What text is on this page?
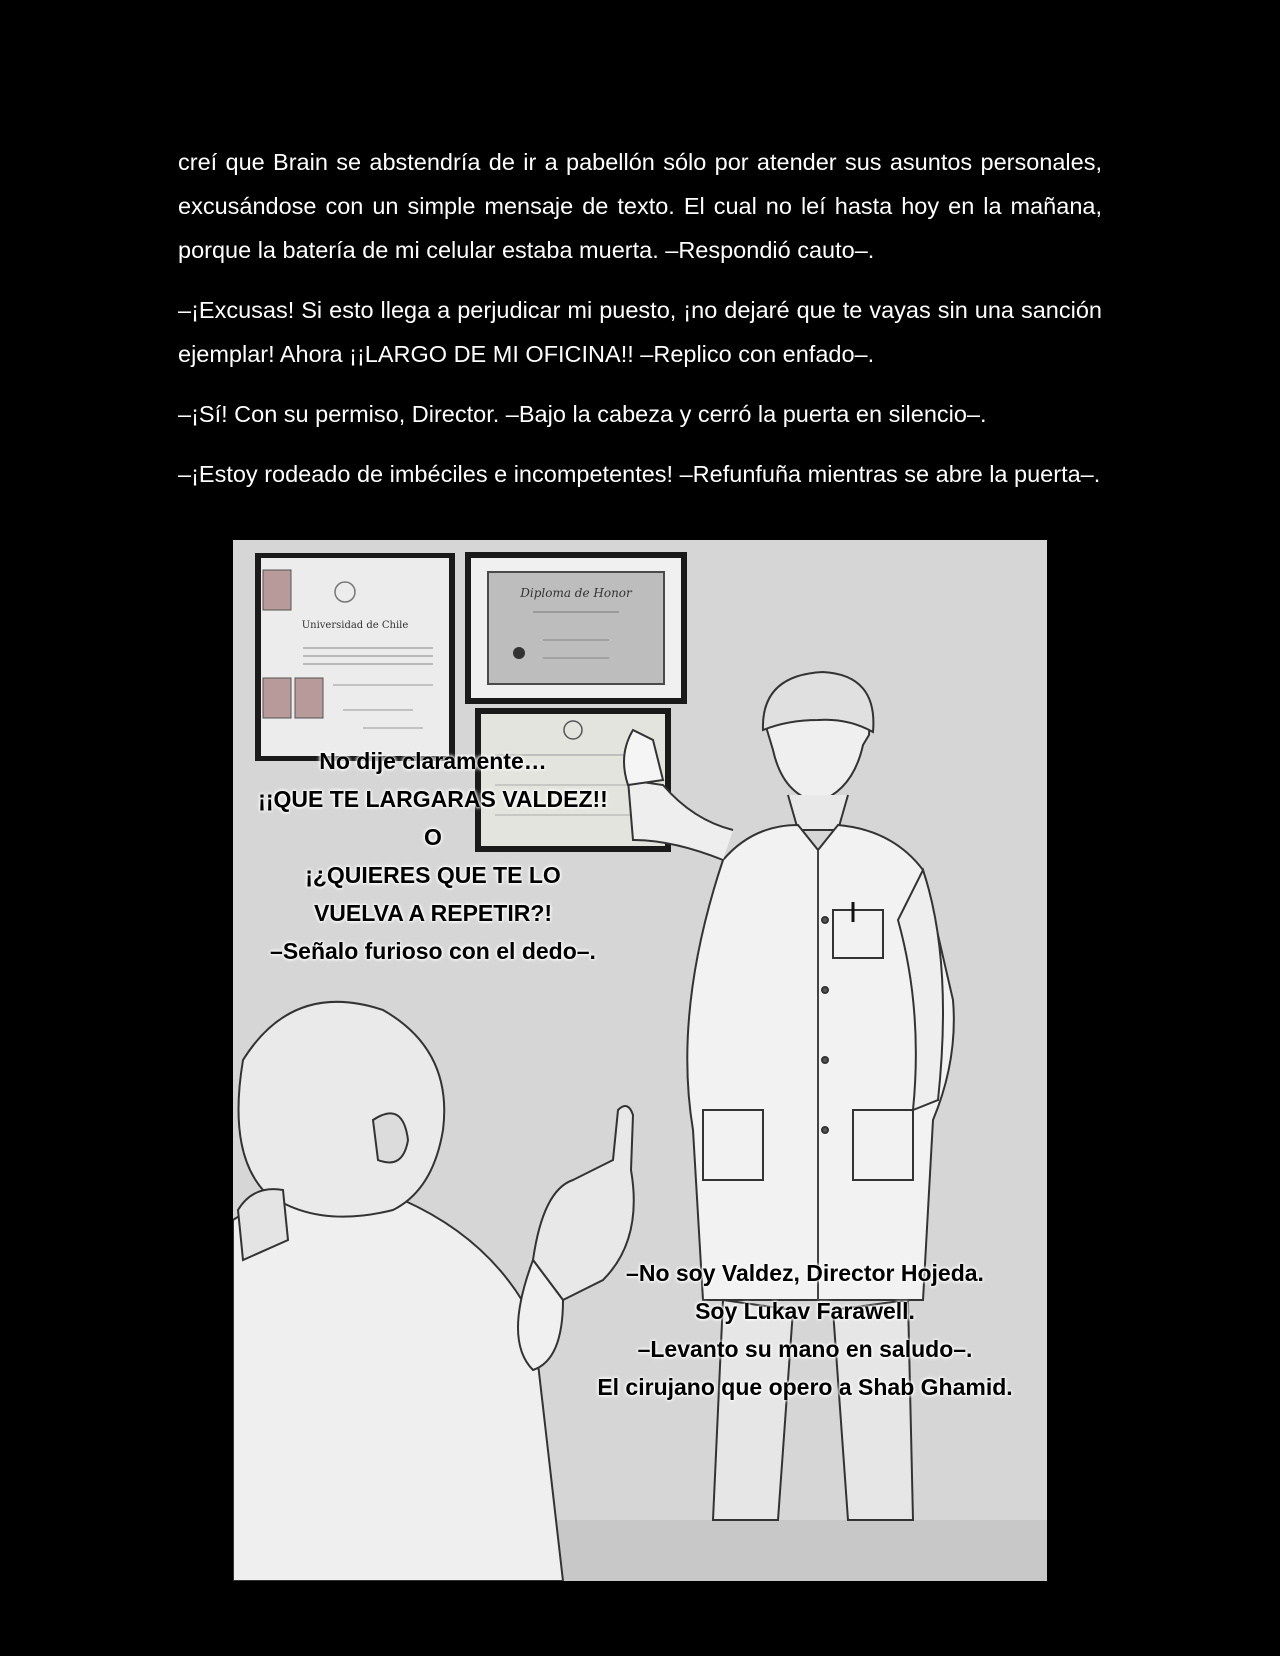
creí que Brain se abstendría de ir a pabellón sólo por atender sus asuntos personales, excusándose con un simple mensaje de texto. El cual no leí hasta hoy en la mañana, porque la batería de mi celular estaba muerta. –Respondió cauto–.

–¡Excusas! Si esto llega a perjudicar mi puesto, ¡no dejaré que te vayas sin una sanción ejemplar! Ahora ¡¡LARGO DE MI OFICINA!! –Replico con enfado–.

–¡Sí! Con su permiso, Director. –Bajo la cabeza y cerró la puerta en silencio–.

–¡Estoy rodeado de imbéciles e incompetentes! –Refunfuña mientras se abre la puerta–.

Universidad de Chile
Diploma de Honor
No dije claramente…
¡¡QUE TE LARGARAS VALDEZ!!
O
¡¿QUIERES QUE TE LO
VUELVA A REPETIR?!
–Señalo furioso con el dedo–.
–No soy Valdez, Director Hojeda.
Soy Lukav Farawell.
–Levanto su mano en saludo–.
El cirujano que opero a Shab Ghamid.
